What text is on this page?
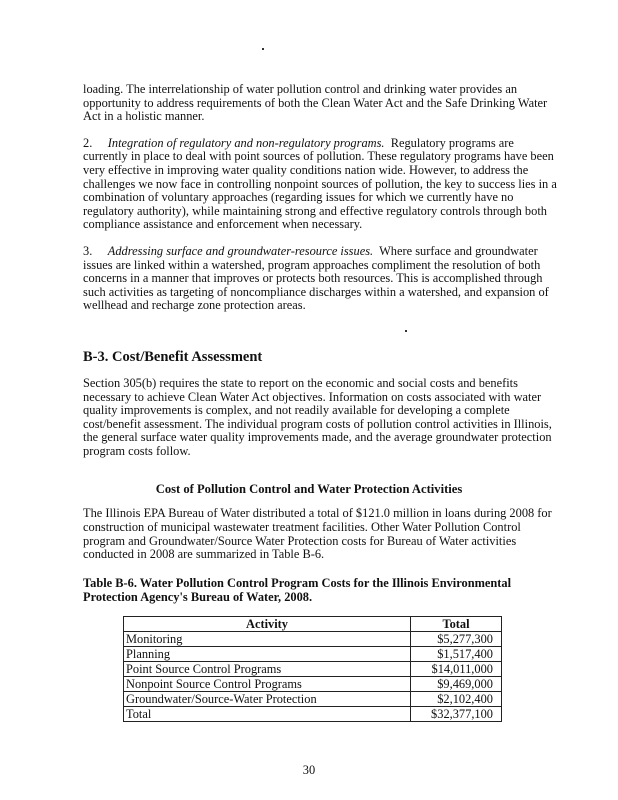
loading. The interrelationship of water pollution control and drinking water provides an opportunity to address requirements of both the Clean Water Act and the Safe Drinking Water Act in a holistic manner.
2. Integration of regulatory and non-regulatory programs. Regulatory programs are currently in place to deal with point sources of pollution. These regulatory programs have been very effective in improving water quality conditions nation wide. However, to address the challenges we now face in controlling nonpoint sources of pollution, the key to success lies in a combination of voluntary approaches (regarding issues for which we currently have no regulatory authority), while maintaining strong and effective regulatory controls through both compliance assistance and enforcement when necessary.
3. Addressing surface and groundwater-resource issues. Where surface and groundwater issues are linked within a watershed, program approaches compliment the resolution of both concerns in a manner that improves or protects both resources. This is accomplished through such activities as targeting of noncompliance discharges within a watershed, and expansion of wellhead and recharge zone protection areas.
B-3. Cost/Benefit Assessment
Section 305(b) requires the state to report on the economic and social costs and benefits necessary to achieve Clean Water Act objectives. Information on costs associated with water quality improvements is complex, and not readily available for developing a complete cost/benefit assessment. The individual program costs of pollution control activities in Illinois, the general surface water quality improvements made, and the average groundwater protection program costs follow.
Cost of Pollution Control and Water Protection Activities
The Illinois EPA Bureau of Water distributed a total of $121.0 million in loans during 2008 for construction of municipal wastewater treatment facilities. Other Water Pollution Control program and Groundwater/Source Water Protection costs for Bureau of Water activities conducted in 2008 are summarized in Table B-6.
Table B-6. Water Pollution Control Program Costs for the Illinois Environmental Protection Agency's Bureau of Water, 2008.
Activity	Total
Monitoring	$5,277,300
Planning	$1,517,400
Point Source Control Programs	$14,011,000
Nonpoint Source Control Programs	$9,469,000
Groundwater/Source-Water Protection	$2,102,400
Total	$32,377,100
30
